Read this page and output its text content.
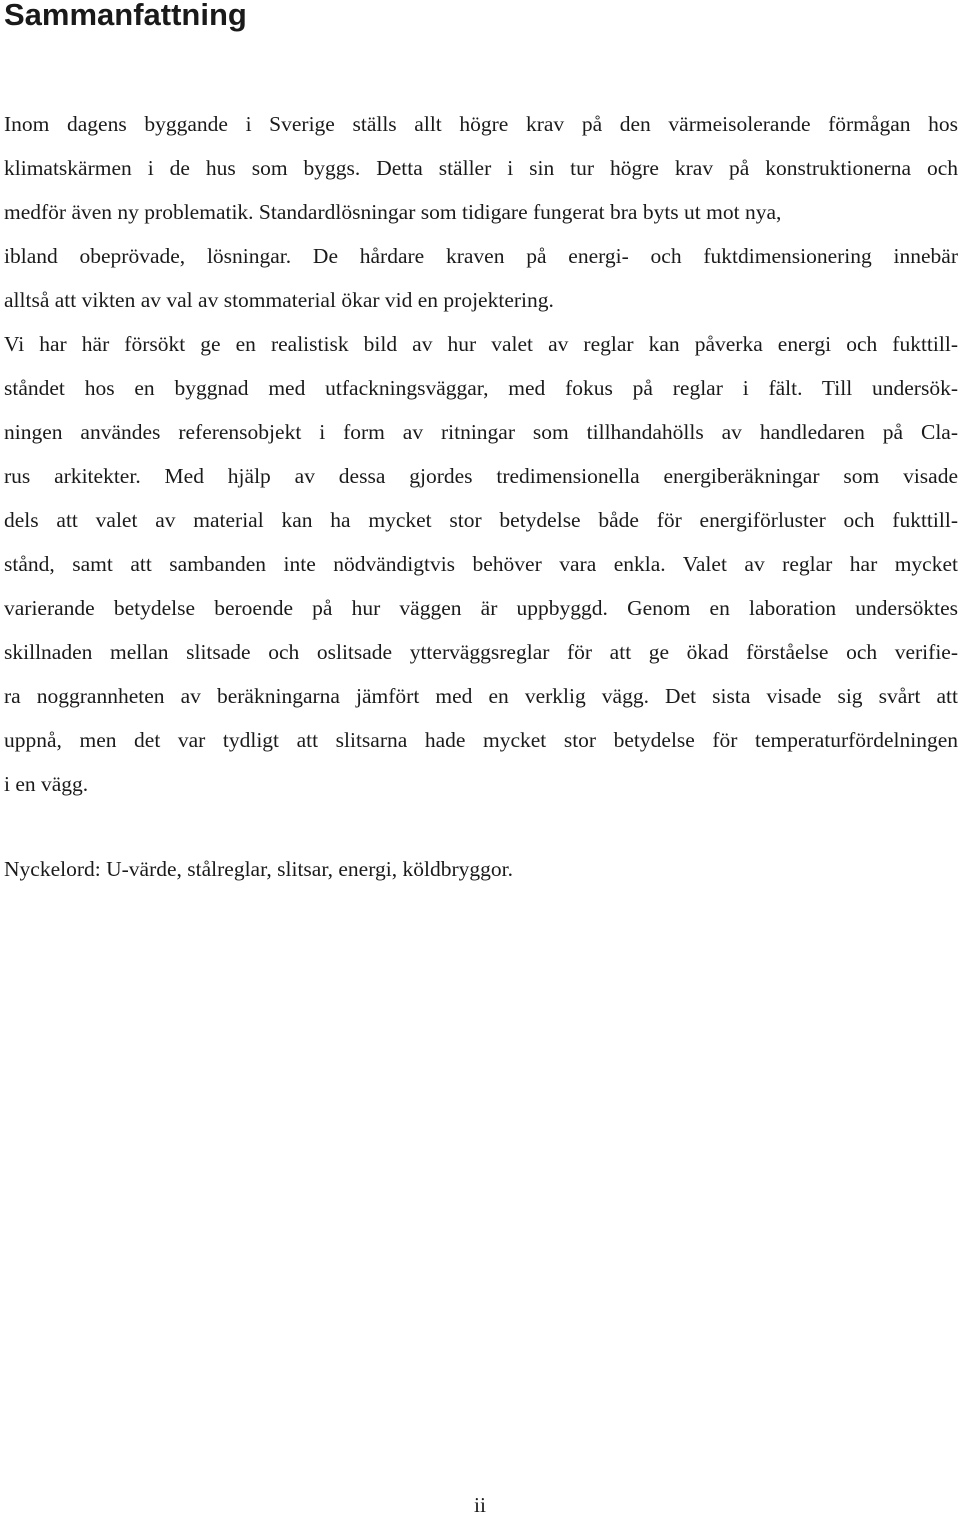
Sammanfattning
Inom dagens byggande i Sverige ställs allt högre krav på den värmeisolerande förmågan hos
klimatskärmen i de hus som byggs. Detta ställer i sin tur högre krav på konstruktionerna och
medför även ny problematik. Standardlösningar som tidigare fungerat bra byts ut mot nya,
ibland obeprövade, lösningar. De hårdare kraven på energi- och fuktdimensionering innebär
alltså att vikten av val av stommaterial ökar vid en projektering.
Vi har här försökt ge en realistisk bild av hur valet av reglar kan påverka energi och fukttill-
ståndet hos en byggnad med utfackningsväggar, med fokus på reglar i fält. Till undersök-
ningen användes referensobjekt i form av ritningar som tillhandahölls av handledaren på Cla-
rus arkitekter. Med hjälp av dessa gjordes tredimensionella energiberäkningar som visade
dels att valet av material kan ha mycket stor betydelse både för energiförluster och fukttill-
stånd, samt att sambanden inte nödvändigtvis behöver vara enkla. Valet av reglar har mycket
varierande betydelse beroende på hur väggen är uppbyggd. Genom en laboration undersöktes
skillnaden mellan slitsade och oslitsade ytterväggsreglar för att ge ökad förståelse och verifie-
ra noggrannheten av beräkningarna jämfört med en verklig vägg. Det sista visade sig svårt att
uppnå, men det var tydligt att slitsarna hade mycket stor betydelse för temperaturfördelningen
i en vägg.

Nyckelord: U-värde, stålreglar, slitsar, energi, köldbryggor.

ii
